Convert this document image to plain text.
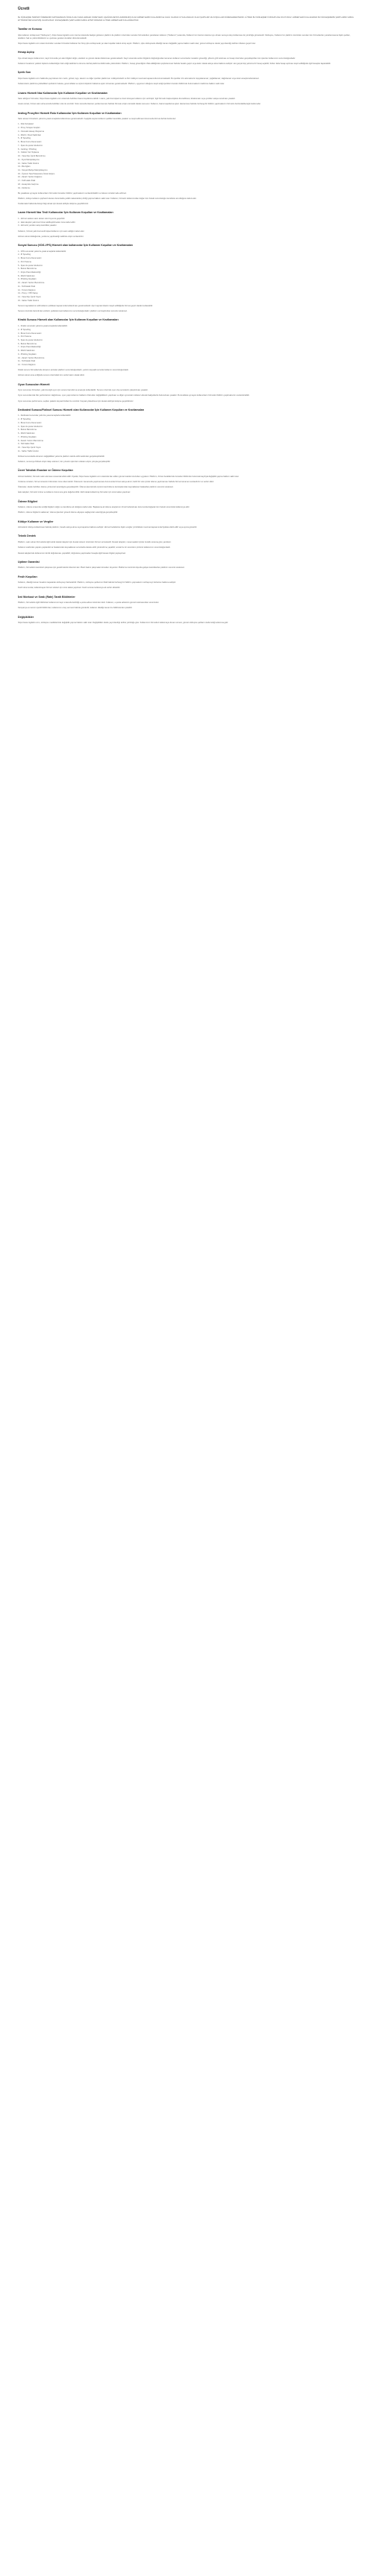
Ücretli

Bu SÖZLEŞME TEMİNAT ÖDEMESİNİ KAPSAMADAN ÖNCE İLGİLİ DAHİL EDİLEN ÜCRETLERİ, AŞAĞIDA DETAYLANDIRILMIŞ OLAN HİZMETLERİN KULLANIMI İLE İLGİLİ OLARAK UYGULANACAK OLAN ŞARTLARI VE KOŞULLARI DÜZENLEMEKTEDİR. LÜTFEN BU SÖZLEŞMEYİ DİKKATLİCE OKUYUNUZ. HİZMETLERİ KULLANARAK BU SÖZLEŞMENİN ŞARTLARINI KABUL ETTİĞİNİZİ BEYAN ETMİŞ OLURSUNUZ. SÖZLEŞMENİN ŞARTLARINI KABUL ETMİYORSANIZ LÜTFEN HİZMETLERİ KULLANMAYINIZ.

Taraflar ve Konusu

İşbu kullanıcı sözleşmesi ("Sözleşme"), https://www.nigdelim.com internet sitesinde faaliyet gösteren platform ile platform üzerinden sunulan hizmetlerden yararlanan kullanıcı ("Kullanıcı") arasında, Kullanıcı'nın internet sitesine üye olması ve/veya siteyi kullanması ile yürürlüğe girmektedir. Sözleşme, Kullanıcı'nın platform üzerinden sunulan tüm hizmetlerden yararlanmasına ilişkin şartları, tarafların hak ve yükümlülüklerini ve uyulması gereken kuralları düzenlemektedir.

https://www.nigdelim.com sitesi üzerinden sunulan hizmetleri kullanan her birey işbu sözleşmede yer alan koşulları kabul etmiş sayılır. Platform, işbu sözleşmede dilediği zaman değişiklik yapma hakkını saklı tutar; güncel sözleşme sitede yayımlandığı tarihten itibaren geçerli olur.

Hesap Açılışı

Üye olmak isteyen kullanıcının, kayıt formunda yer alan bilgileri doğru, eksiksiz ve güncel olarak doldurması gerekmektedir. Kayıt sırasında verilen bilgilerin doğruluğundan tamamen kullanıcı sorumludur. Hesabın güvenliği, şifrenin gizli tutulması ve hesap üzerinden gerçekleştirilen tüm işlemler kullanıcının sorumluluğundadır.

Kullanıcı hesabının yetkisiz kişilerce kullanıldığını fark ettiği takdirde bu durumu derhal platforma bildirmekle yükümlüdür. Platform, hesap güvenliğinin ihlal edildiğinden şüphelenmesi halinde hesabı geçici veya kalıcı olarak askıya alma hakkına sahiptir. Her gerçek kişi yalnızca bir hesap açabilir; birden fazla hesap açılması tespit edildiğinde ilgili hesaplar kapatılabilir.

İçerik Son

https://www.nigdelim.com hakkında yayımlanan tüm metin, görsel, logo, tasarım ve diğer içerikler platformun mülkiyetindedir ve fikri mülkiyet mevzuatı kapsamında korunmaktadır. Bu içerikler izin alınmaksızın kopyalanamaz, çoğaltılamaz, dağıtılamaz veya ticari amaçla kullanılamaz.

Kullanıcıların platforma yükledikleri içeriklerin hukuka, genel ahlaka ve üçüncü kişilerin haklarına aykırı olmaması gerekmektedir. Platform, uygunsuz olduğunu tespit ettiği içerikleri önceden bildirimde bulunmaksızın kaldırma hakkını saklı tutar.

Lisans Hizmeti Naz Kullanıcılar İçin Kullanım Koşulları ve Kısıtlamaları

Satın aldığınız hizmetler, https://www.nigdelim.com sitesinde belirtilen lisans koşullarına tabidir. Lisans, yalnızca kişisel ve ticari olmayan kullanım için verilmiştir; ilgili hizmetin başka kişilere devredilmesi, kiralanması veya yeniden satışa sunulması yasaktır.

Lisans süresi, hizmet satın alma anında belirtilen süre ile sınırlıdır. Süre sonunda lisansın yenilenmemesi halinde hizmete erişim otomatik olarak sona erer. Kullanıcı, lisans koşullarına aykırı davranması halinde herhangi bir bildirim yapılmaksızın hizmetin durdurulabileceğini kabul eder.

Instlog Proxyfire Hizmeti Rolu Kullanıcılar İçin Kullanım Koşulları ve Kısıtlamaları

Satın alınan hizmetlerin yalnızca yasal amaçlarla kullanılması gerekmektedir. Aşağıda sayılan kullanım şekilleri kesinlikle yasaktır ve tespit edilmesi durumunda hizmet derhal durdurulur:

1 - Kitle Scripteleri
2 - Proxy Scraper Araçları
3 - Otomatik Hesap Oluşturma
4 - DDoS / Flood Saldırıları
5 - IP Spoofing
6 - Brute Force Denemeleri
7 - Spam E-posta Gönderimi
8 - Carding / Phishing
9 - Yetkisiz Veri Toplama
10 - Yasa Dışı İçerik Barındırma
11 - Fiyat Manipülasyonu
12 - Sahte Trafik Üretimi
13 - Bot Ağları
14 - Sosyal Medya Manipülasyonu
15 - Üçüncü Taraf Sistemlere İzinsiz Erişim
16 - Zararlı Yazılım Dağıtımı
17 - Telif Hakkı İhlali
18 - Hesap Ele Geçirme
19 - Kimlik Avı

Bu yasaklara uymayan kullanıcıların hizmetleri önceden bildirim yapılmaksızın sonlandırılabilir ve ödenen ücretler iade edilmez.

Platform, kötüye kullanım şüphesi bulunan durumlarda yetkili makamlarla iş birliği yapma hakkını saklı tutar. Kullanıcı, hizmetin kullanımından doğan tüm hukuki sorumluluğun kendisine ait olduğunu kabul eder.

Kısıtlamalar hakkında detaylı bilgi almak için destek ekibiyle iletişime geçebilirsiniz.

Lazım Hizmeti Naz Tesli Kullanıcılar İçin Kullanım Koşulları ve Kısıtlamaları
1 - Hizmet sadece satın alınan süre boyunca geçerlidir.
2 - İade talepleri yalnızca hizmet aktifleştirilmeden önce kabul edilir.
3 - Hizmetin yeniden satışı kesinlikle yasaktır.

Kullanıcı, hizmeti yalnızca kendi kişisel kullanımı için satın aldığını kabul eder.

Hizmet süresi dolduğunda, yenileme yapılmadığı takdirde erişim sonlandırılır.

Sosyal Sunucu (VDS-VPS) Hizmeti olan kullanıcılar İçin Kullanım Koşulları ve Kısıtlamaları
1 - VDS sunucular yalnızca yasal amaçlarla kullanılabilir.
2 - IP Spoofing
3 - Brute Force Denemeleri
4 - Port Tarama
5 - Spam E-posta Gönderimi
6 - Botnet Barındırma
7 - Kripto Para Madenciliği
8 - DDoS Saldırıları
9 - Phishing Sayfaları
10 - Zararlı Yazılım Barındırma
11 - Telif Hakkı İhlali
12 - Torrent Dağıtımı
13 - Proxy / VPN Satışı
14 - Yasa Dışı İçerik Yayını
15 - Sahte Trafik Üretimi

Sunucu kaynaklarının adil kullanım politikası kapsamında kullanılması gerekmektedir. Aşırı kaynak tüketimi tespit edildiğinde hizmet geçici olarak kısıtlanabilir.

Sunucu üzerinde barındırılan verilerin yedeklenmesi kullanıcının sorumluluğundadır; platform veri kaybından sorumlu tutulamaz.

Kiralık Sunucu Hizmeti olan Kullanıcılar İçin Kullanım Koşulları ve Kısıtlamaları
1 - Kiralık sunucular yalnızca yasal amaçlarla kullanılabilir.
2 - IP Spoofing
3 - Brute Force Denemeleri
4 - Port Tarama
5 - Spam E-posta Gönderimi
6 - Botnet Barındırma
7 - Kripto Para Madenciliği
8 - DDoS Saldırıları
9 - Phishing Sayfaları
10 - Zararlı Yazılım Barındırma
11 - Telif Hakkı İhlali
12 - Torrent Dağıtımı

Kiralık sunucu hizmetlerinde donanım arızaları platform sorumluluğundadır; yazılım kaynaklı sorunlar kullanıcı sorumluluğundadır.

Hizmet süresi sona erdiğinde sunucu üzerindeki tüm veriler kalıcı olarak silinir.

Oyun Sunucuları Hizmeti

Oyun sunucusu hizmetleri, yalnızca ilgili oyun için sunucu barındırma amacıyla kullanılabilir. Sunucu üzerinde oyun dışı servislerin çalıştırılması yasaktır.

Oyun sunucularında hile yazılımlarının dağıtılması, oyun yapımcılarının haklarını ihlal eden değişikliklerin yapılması ve diğer oyuncuları rahatsız edecek faaliyetlerde bulunulması yasaktır. Bu kurallara uymayan kullanıcıların hizmetleri bildirim yapılmaksızın sonlandırılabilir.

Oyun sunucusu performansı, seçilen paketin kaynak limitleri ile sınırlıdır. Kaynak yükseltmesi için destek ekibiyle iletişime geçebilirsiniz.

Dedicated Sunucu/Fiziksel Sunucu Hizmeti olan Kullanıcılar İçin Kullanım Koşulları ve Kısıtlamaları
1 - Dedicated sunucular yalnızca yasal amaçlarla kullanılabilir.
2 - IP Spoofing
3 - Brute Force Denemeleri
4 - Spam E-posta Gönderimi
5 - Botnet Barındırma
6 - DDoS Saldırıları
7 - Phishing Sayfaları
8 - Zararlı Yazılım Barındırma
9 - Telif Hakkı İhlali
10 - Yasa Dışı İçerik Yayını
11 - Sahte Trafik Üretimi

Fiziksel sunucularda donanım değişiklikleri yalnızca platform teknik ekibi tarafından gerçekleştirilebilir.

Kullanıcı, sunucuya fiziksel erişim talep edemez; tüm yönetim işlemleri uzaktan erişim yoluyla gerçekleştirilir.

Ücret Tahsilatı Esasları ve Ödeme Koşulları

Hizmet bedelleri, hizmetin satın alınması sırasında tahsil edilir. Fiyatlar, https://www.nigdelim.com sitesinde ilan edilen güncel tutarlar üzerinden uygulanır. Platform, hizmet bedellerinde önceden bildirimde bulunmak kaydıyla değişiklik yapma hakkını saklı tutar.

Yenileme ücretleri, hizmet süresinin bitiminden önce ödenmelidir. Ödemenin zamanında yapılmaması durumunda hizmet askıya alınır; belirli bir süre içinde ödeme yapılmaması halinde hizmet tamamen sonlandırılır ve veriler silinir.

Ödemeler, sitede belirtilen ödeme yöntemleri aracılığıyla gerçekleştirilir. Ödeme işlemlerinde üçüncü taraf ödeme kuruluşlarından kaynaklanan hatalardan platform sorumlu tutulamaz.

İade talepleri, hizmetin türüne ve kullanım durumuna göre değerlendirilir. Aktif olarak kullanılmış hizmetler için ücret iadesi yapılmaz.

Ödeme Bilgileri

Kullanıcı, ödeme sırasında verdiği bilgilerin doğru ve kendisine ait olduğunu kabul eder. Başkasına ait ödeme araçlarının izinsiz kullanılması durumunda doğacak tüm hukuki sorumluluk kullanıcıya aittir.

Platform, ödeme bilgilerini saklamaz; ödeme işlemleri güvenli ödeme altyapısı sağlayıcıları aracılığıyla gerçekleştirilir.

Kötüye Kullanım ve Vergiler

Hizmetlerin kötüye kullanılması halinde platform, hesabı askıya alma veya kapatma hakkına sahiptir. Hizmet bedellerine ilişkin vergiler yürürlükteki mevzuat kapsamında fiyatlara dahil edilir veya ayrıca gösterilir.

Teknik Destek

Platform, satın alınan hizmetlerle ilgili teknik destek talepleri için destek sistemi üzerinden hizmet vermektedir. Destek talepleri, mesai saatleri içinde öncelik sırasına göre yanıtlanır.

Kullanıcı tarafından yapılan yapılandırma hatalarından kaynaklanan sorunlarda destek ekibi yönlendirme yapabilir; ancak bu tür sorunların çözümü kullanıcının sorumluluğundadır.

Destek taleplerinde kullanıcının kimlik doğrulaması yapılabilir; doğrulama yapılmadan hesapla ilgili hassas bilgiler paylaşılmaz.

Uptime Garantisi

Platform, hizmetlerin kesintisiz çalışması için gerekli teknik önlemleri alır. Planlı bakım çalışmaları önceden duyurulur. Platformun kontrolü dışında gelişen kesintilerden platform sorumlu tutulamaz.

Fesih Koşulları

Kullanıcı, dilediği zaman hesabını kapatarak sözleşmeyi feshedebilir. Platform, sözleşme şartlarının ihlali halinde herhangi bir bildirim yapmaksızın sözleşmeyi feshetme hakkına sahiptir.

Fesih durumunda, kullanılmayan hizmet süreleri için ücret iadesi yapılmaz. Fesih sonrası kullanıcıya ait veriler silinebilir.

İzni Workout ve Sıralı (Rate) Tarafı Bildirimler

Platform, hizmetlerle ilgili bildirimleri kullanıcının kayıt sırasında belirttiği e-posta adresi üzerinden iletir. Kullanıcı, e-posta adresinin güncel tutulmasından sorumludur.

Kampanya ve tanıtım içerikli bildirimler, kullanıcının onay vermesi halinde gönderilir; kullanıcı dilediği zaman bu bildirimlerden çıkabilir.

Değişiklikler

https://www.nigdelim.com, sözleşme maddelerinde değişiklik yapma hakkını saklı tutar. Değişiklikler sitede yayımlandığı tarihte yürürlüğe girer. Kullanıcının hizmetleri kullanmaya devam etmesi, güncel sözleşme şartlarını kabul ettiği anlamına gelir.
